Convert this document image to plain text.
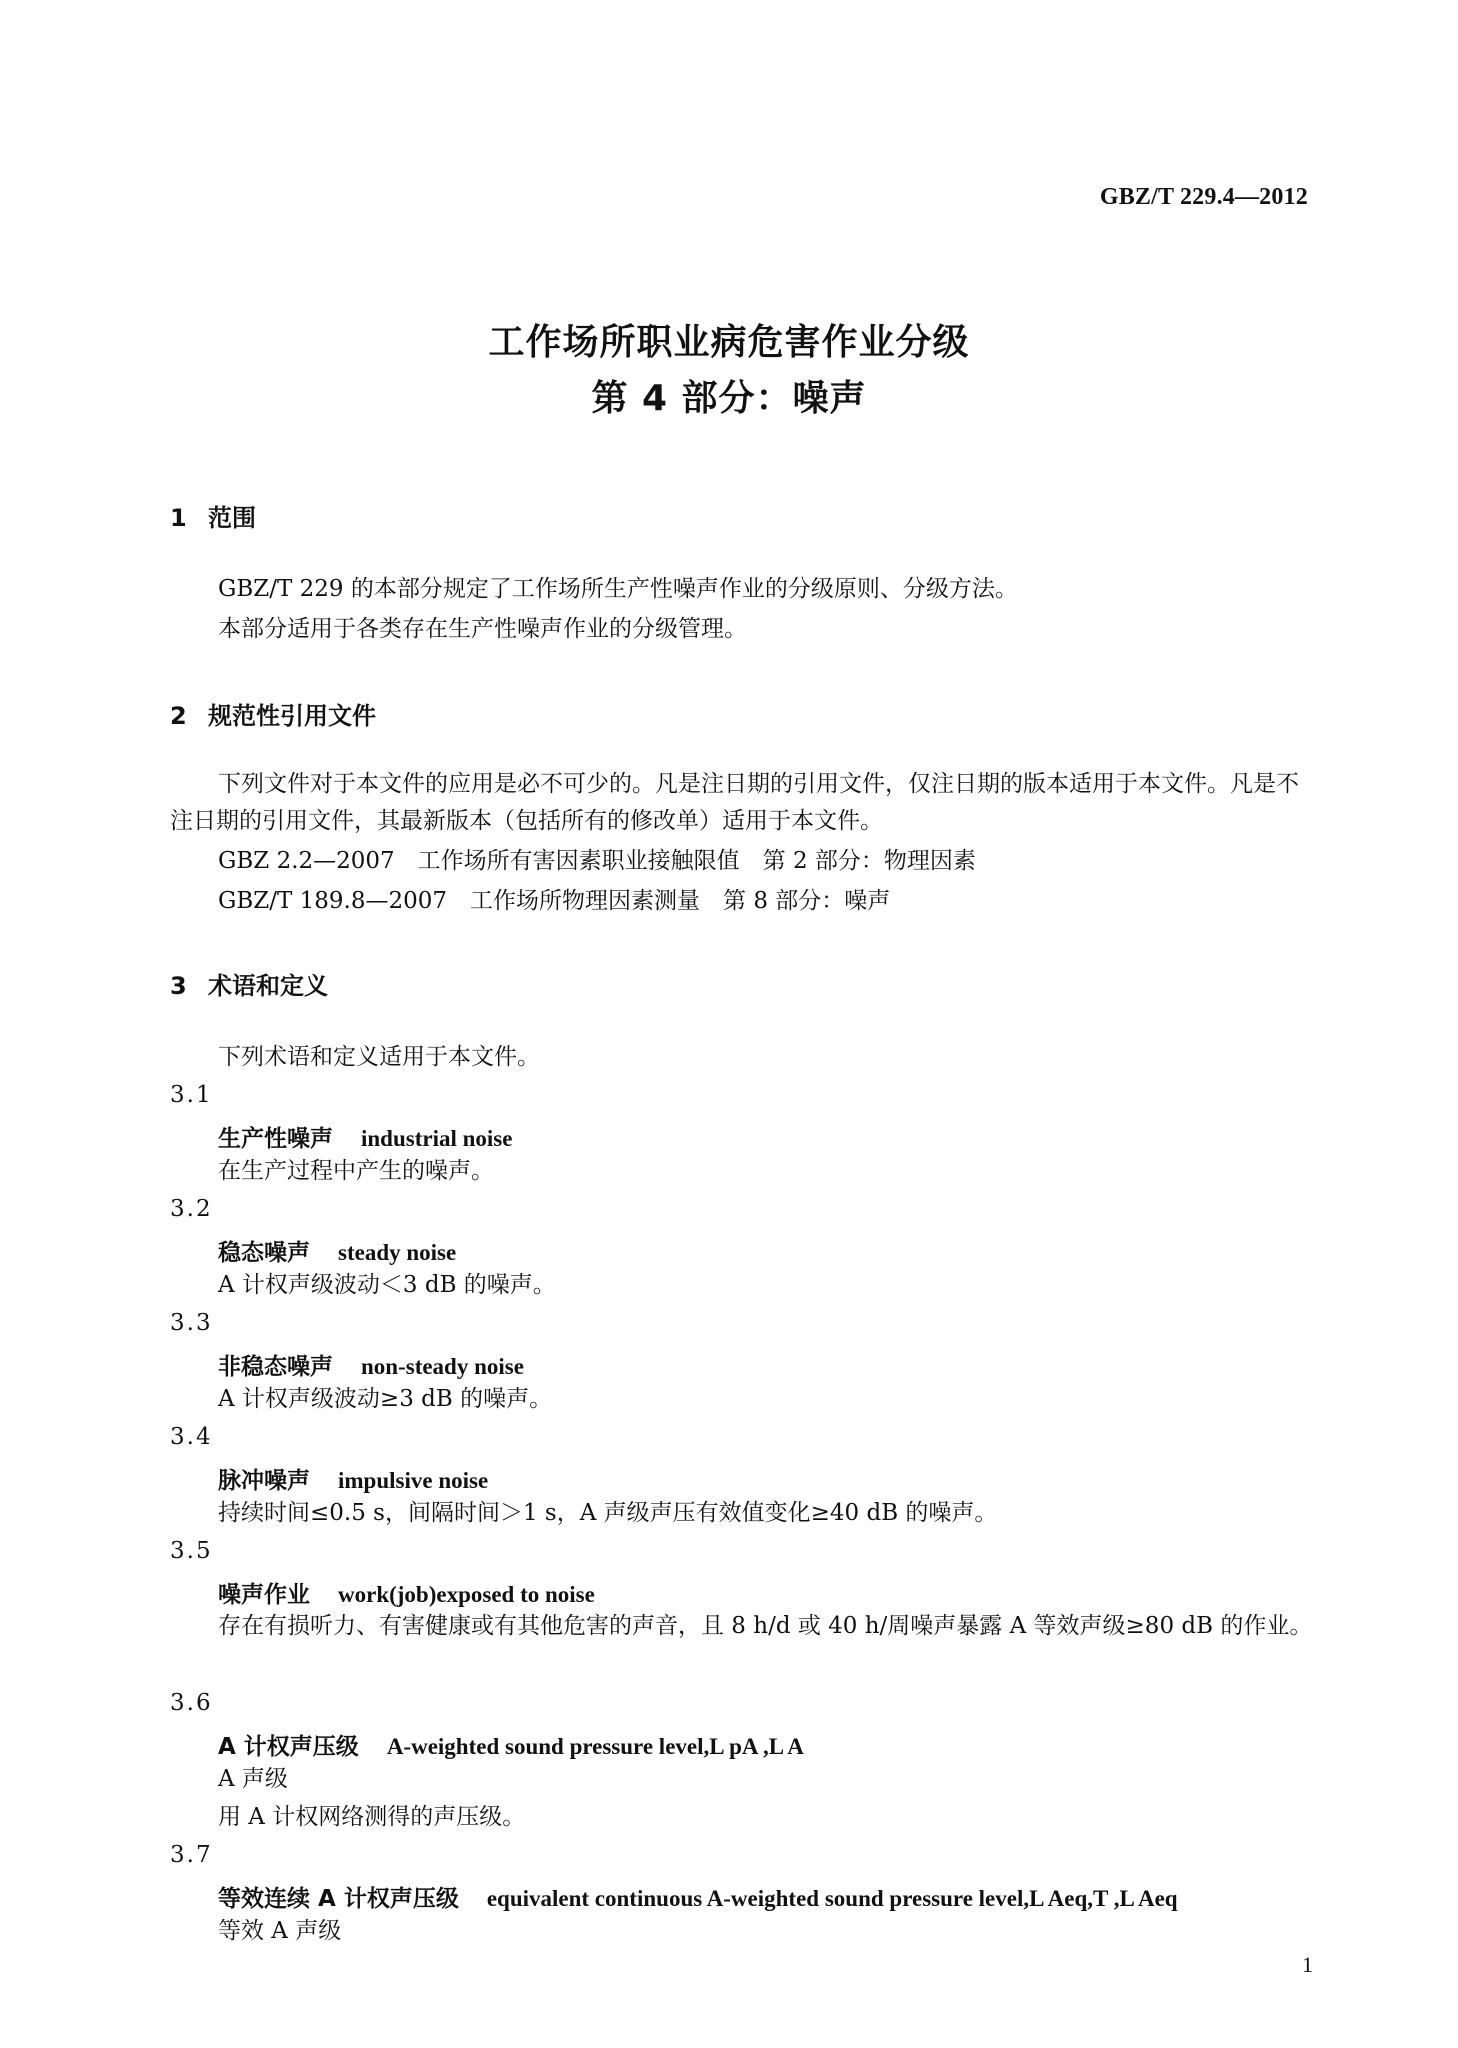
GBZ/T 229.4—2012
工作场所职业病危害作业分级
第 4 部分：噪声
1 范围
GBZ/T 229 的本部分规定了工作场所生产性噪声作业的分级原则、分级方法。
本部分适用于各类存在生产性噪声作业的分级管理。
2 规范性引用文件
下列文件对于本文件的应用是必不可少的。凡是注日期的引用文件，仅注日期的版本适用于本文件。凡是不注日期的引用文件，其最新版本（包括所有的修改单）适用于本文件。
GBZ 2.2—2007　工作场所有害因素职业接触限值　第 2 部分：物理因素
GBZ/T 189.8—2007　工作场所物理因素测量　第 8 部分：噪声
3 术语和定义
下列术语和定义适用于本文件。
3.1
生产性噪声 industrial noise
在生产过程中产生的噪声。
3.2
稳态噪声 steady noise
A 计权声级波动＜3 dB 的噪声。
3.3
非稳态噪声 non-steady noise
A 计权声级波动≥3 dB 的噪声。
3.4
脉冲噪声 impulsive noise
持续时间≤0.5 s，间隔时间＞1 s，A 声级声压有效值变化≥40 dB 的噪声。
3.5
噪声作业 work(job)exposed to noise
存在有损听力、有害健康或有其他危害的声音，且 8 h/d 或 40 h/周噪声暴露 A 等效声级≥80 dB 的作业。
3.6
A 计权声压级 A-weighted sound pressure level,L pA ,L A
A 声级
用 A 计权网络测得的声压级。
3.7
等效连续 A 计权声压级 equivalent continuous A-weighted sound pressure level,L Aeq,T ,L Aeq
等效 A 声级
1
